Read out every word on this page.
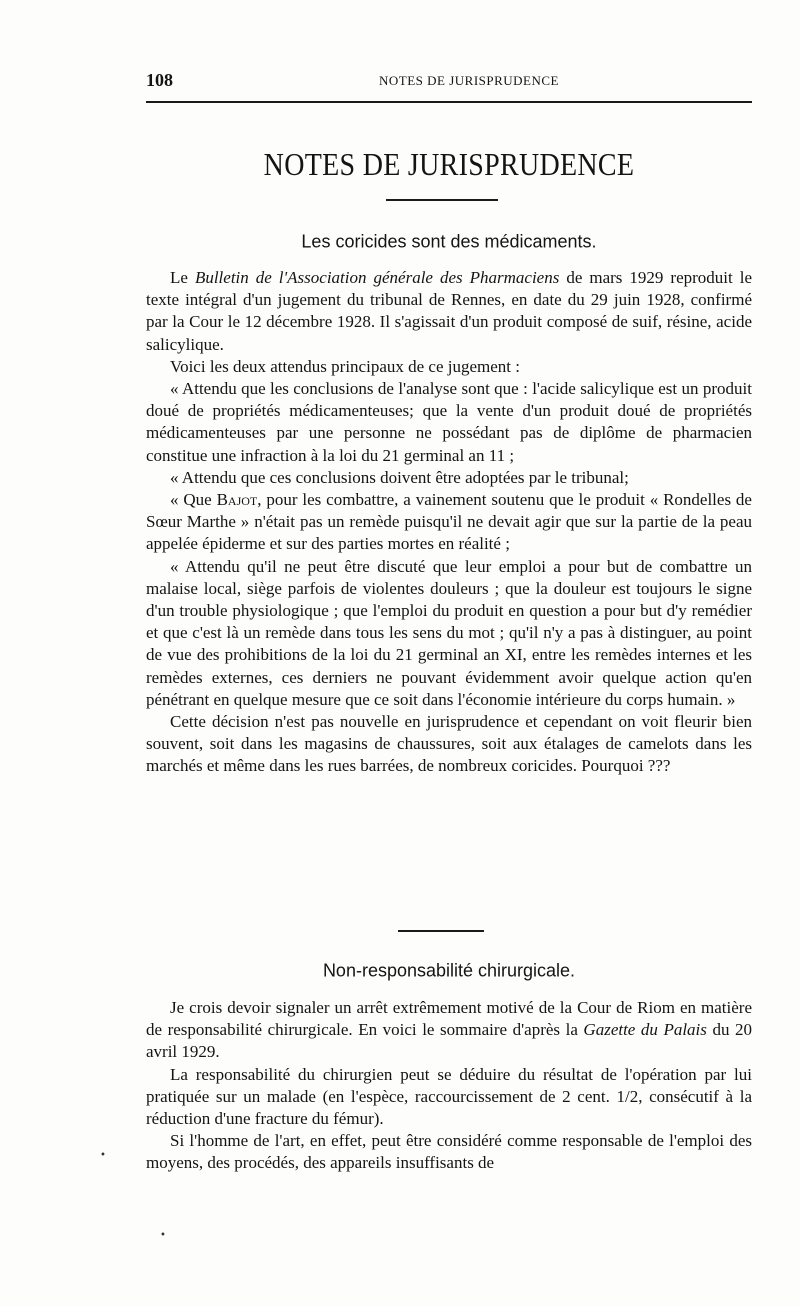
108	NOTES DE JURISPRUDENCE
NOTES DE JURISPRUDENCE
Les coricides sont des médicaments.

Le Bulletin de l'Association générale des Pharmaciens de mars 1929 reproduit le texte intégral d'un jugement du tribunal de Rennes, en date du 29 juin 1928, confirmé par la Cour le 12 décembre 1928. Il s'agissait d'un produit composé de suif, résine, acide salicylique.

Voici les deux attendus principaux de ce jugement :

« Attendu que les conclusions de l'analyse sont que : l'acide salicylique est un produit doué de propriétés médicamenteuses; que la vente d'un produit doué de propriétés médicamenteuses par une personne ne possédant pas de diplôme de pharmacien constitue une infraction à la loi du 21 germinal an 11 ;

« Attendu que ces conclusions doivent être adoptées par le tribunal;

« Que Bajot, pour les combattre, a vainement soutenu que le produit « Rondelles de Sœur Marthe » n'était pas un remède puisqu'il ne devait agir que sur la partie de la peau appelée épiderme et sur des parties mortes en réalité ;

« Attendu qu'il ne peut être discuté que leur emploi a pour but de combattre un malaise local, siège parfois de violentes douleurs ; que la douleur est toujours le signe d'un trouble physiologique ; que l'emploi du produit en question a pour but d'y remédier et que c'est là un remède dans tous les sens du mot ; qu'il n'y a pas à distinguer, au point de vue des prohibitions de la loi du 21 germinal an XI, entre les remèdes internes et les remèdes externes, ces derniers ne pouvant évidemment avoir quelque action qu'en pénétrant en quelque mesure que ce soit dans l'économie intérieure du corps humain. »

Cette décision n'est pas nouvelle en jurisprudence et cependant on voit fleurir bien souvent, soit dans les magasins de chaussures, soit aux étalages de camelots dans les marchés et même dans les rues barrées, de nombreux coricides. Pourquoi ???

Non-responsabilité chirurgicale.

Je crois devoir signaler un arrêt extrêmement motivé de la Cour de Riom en matière de responsabilité chirurgicale. En voici le sommaire d'après la Gazette du Palais du 20 avril 1929.

La responsabilité du chirurgien peut se déduire du résultat de l'opération par lui pratiquée sur un malade (en l'espèce, raccourcissement de 2 cent. 1/2, consécutif à la réduction d'une fracture du fémur).

Si l'homme de l'art, en effet, peut être considéré comme responsable de l'emploi des moyens, des procédés, des appareils insuffisants de

•
•
